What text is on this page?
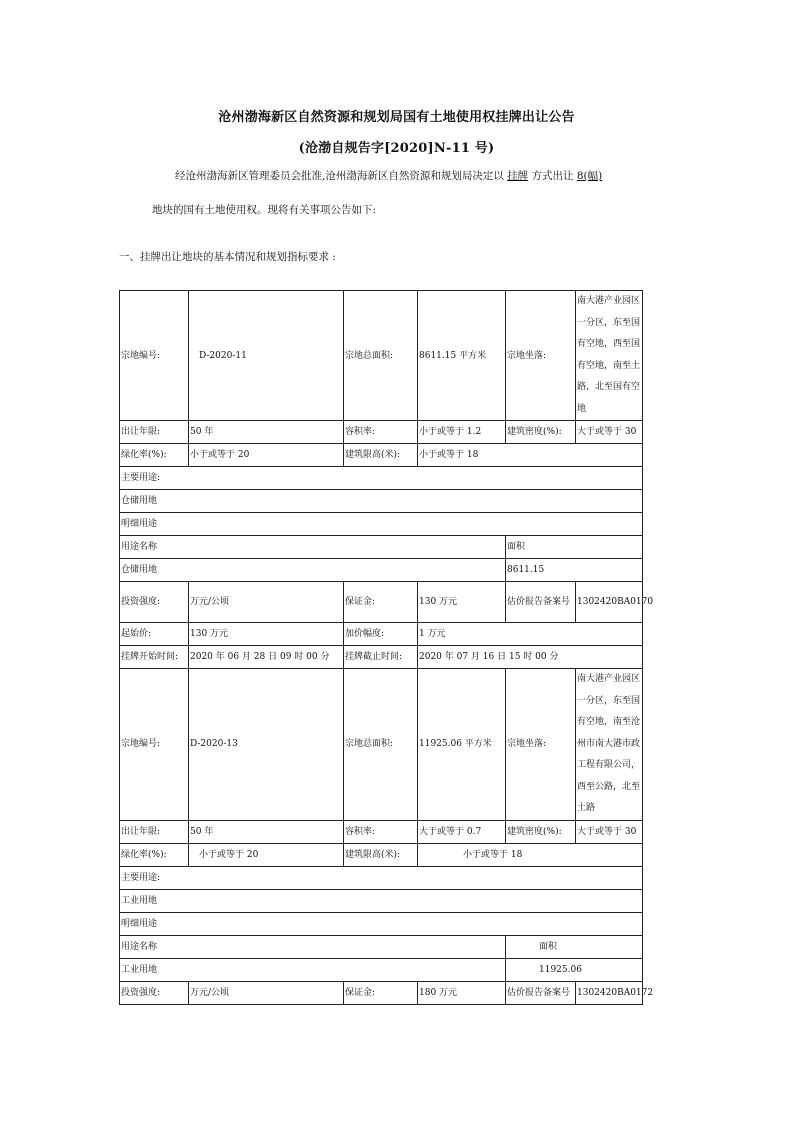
沧州渤海新区自然资源和规划局国有土地使用权挂牌出让公告
(沧渤自规告字[2020]N-11 号)
经沧州渤海新区管理委员会批准,沧州渤海新区自然资源和规划局决定以 挂牌 方式出让 8(幅)
地块的国有土地使用权。现将有关事项公告如下:
一、挂牌出让地块的基本情况和规划指标要求 :
宗地编号:	D-2020-11	宗地总面积:	8611.15 平方米	宗地坐落:	南大港产业园区一分区，东至国有空地，西至国有空地，南至土路，北至国有空地
出让年限:	50 年	容积率:	小于或等于 1.2	建筑密度(%):	大于或等于 30
绿化率(%):	小于或等于 20	建筑限高(米):	小于或等于 18		
主要用途:					
仓储用地					
明细用途					
用途名称				面积	
仓储用地				8611.15	
投资强度:	万元/公顷	保证金:	130 万元	估价报告备案号	1302420BA0170
起始价:	130 万元	加价幅度:	1 万元		
挂牌开始时间:	2020 年 06 月 28 日 09 时 00 分	挂牌截止时间:	2020 年 07 月 16 日 15 时 00 分		
宗地编号:	D-2020-13	宗地总面积:	11925.06 平方米	宗地坐落:	南大港产业园区一分区，东至国有空地，南至沧州市南大港市政工程有限公司，西至公路，北至土路
出让年限:	50 年	容积率:	大于或等于 0.7	建筑密度(%):	大于或等于 30
绿化率(%):	小于或等于 20	建筑限高(米):	小于或等于 18		
主要用途:					
工业用地					
明细用途					
用途名称				面积	
工业用地				11925.06	
投资强度:	万元/公顷	保证金:	180 万元	估价报告备案号	1302420BA0172
